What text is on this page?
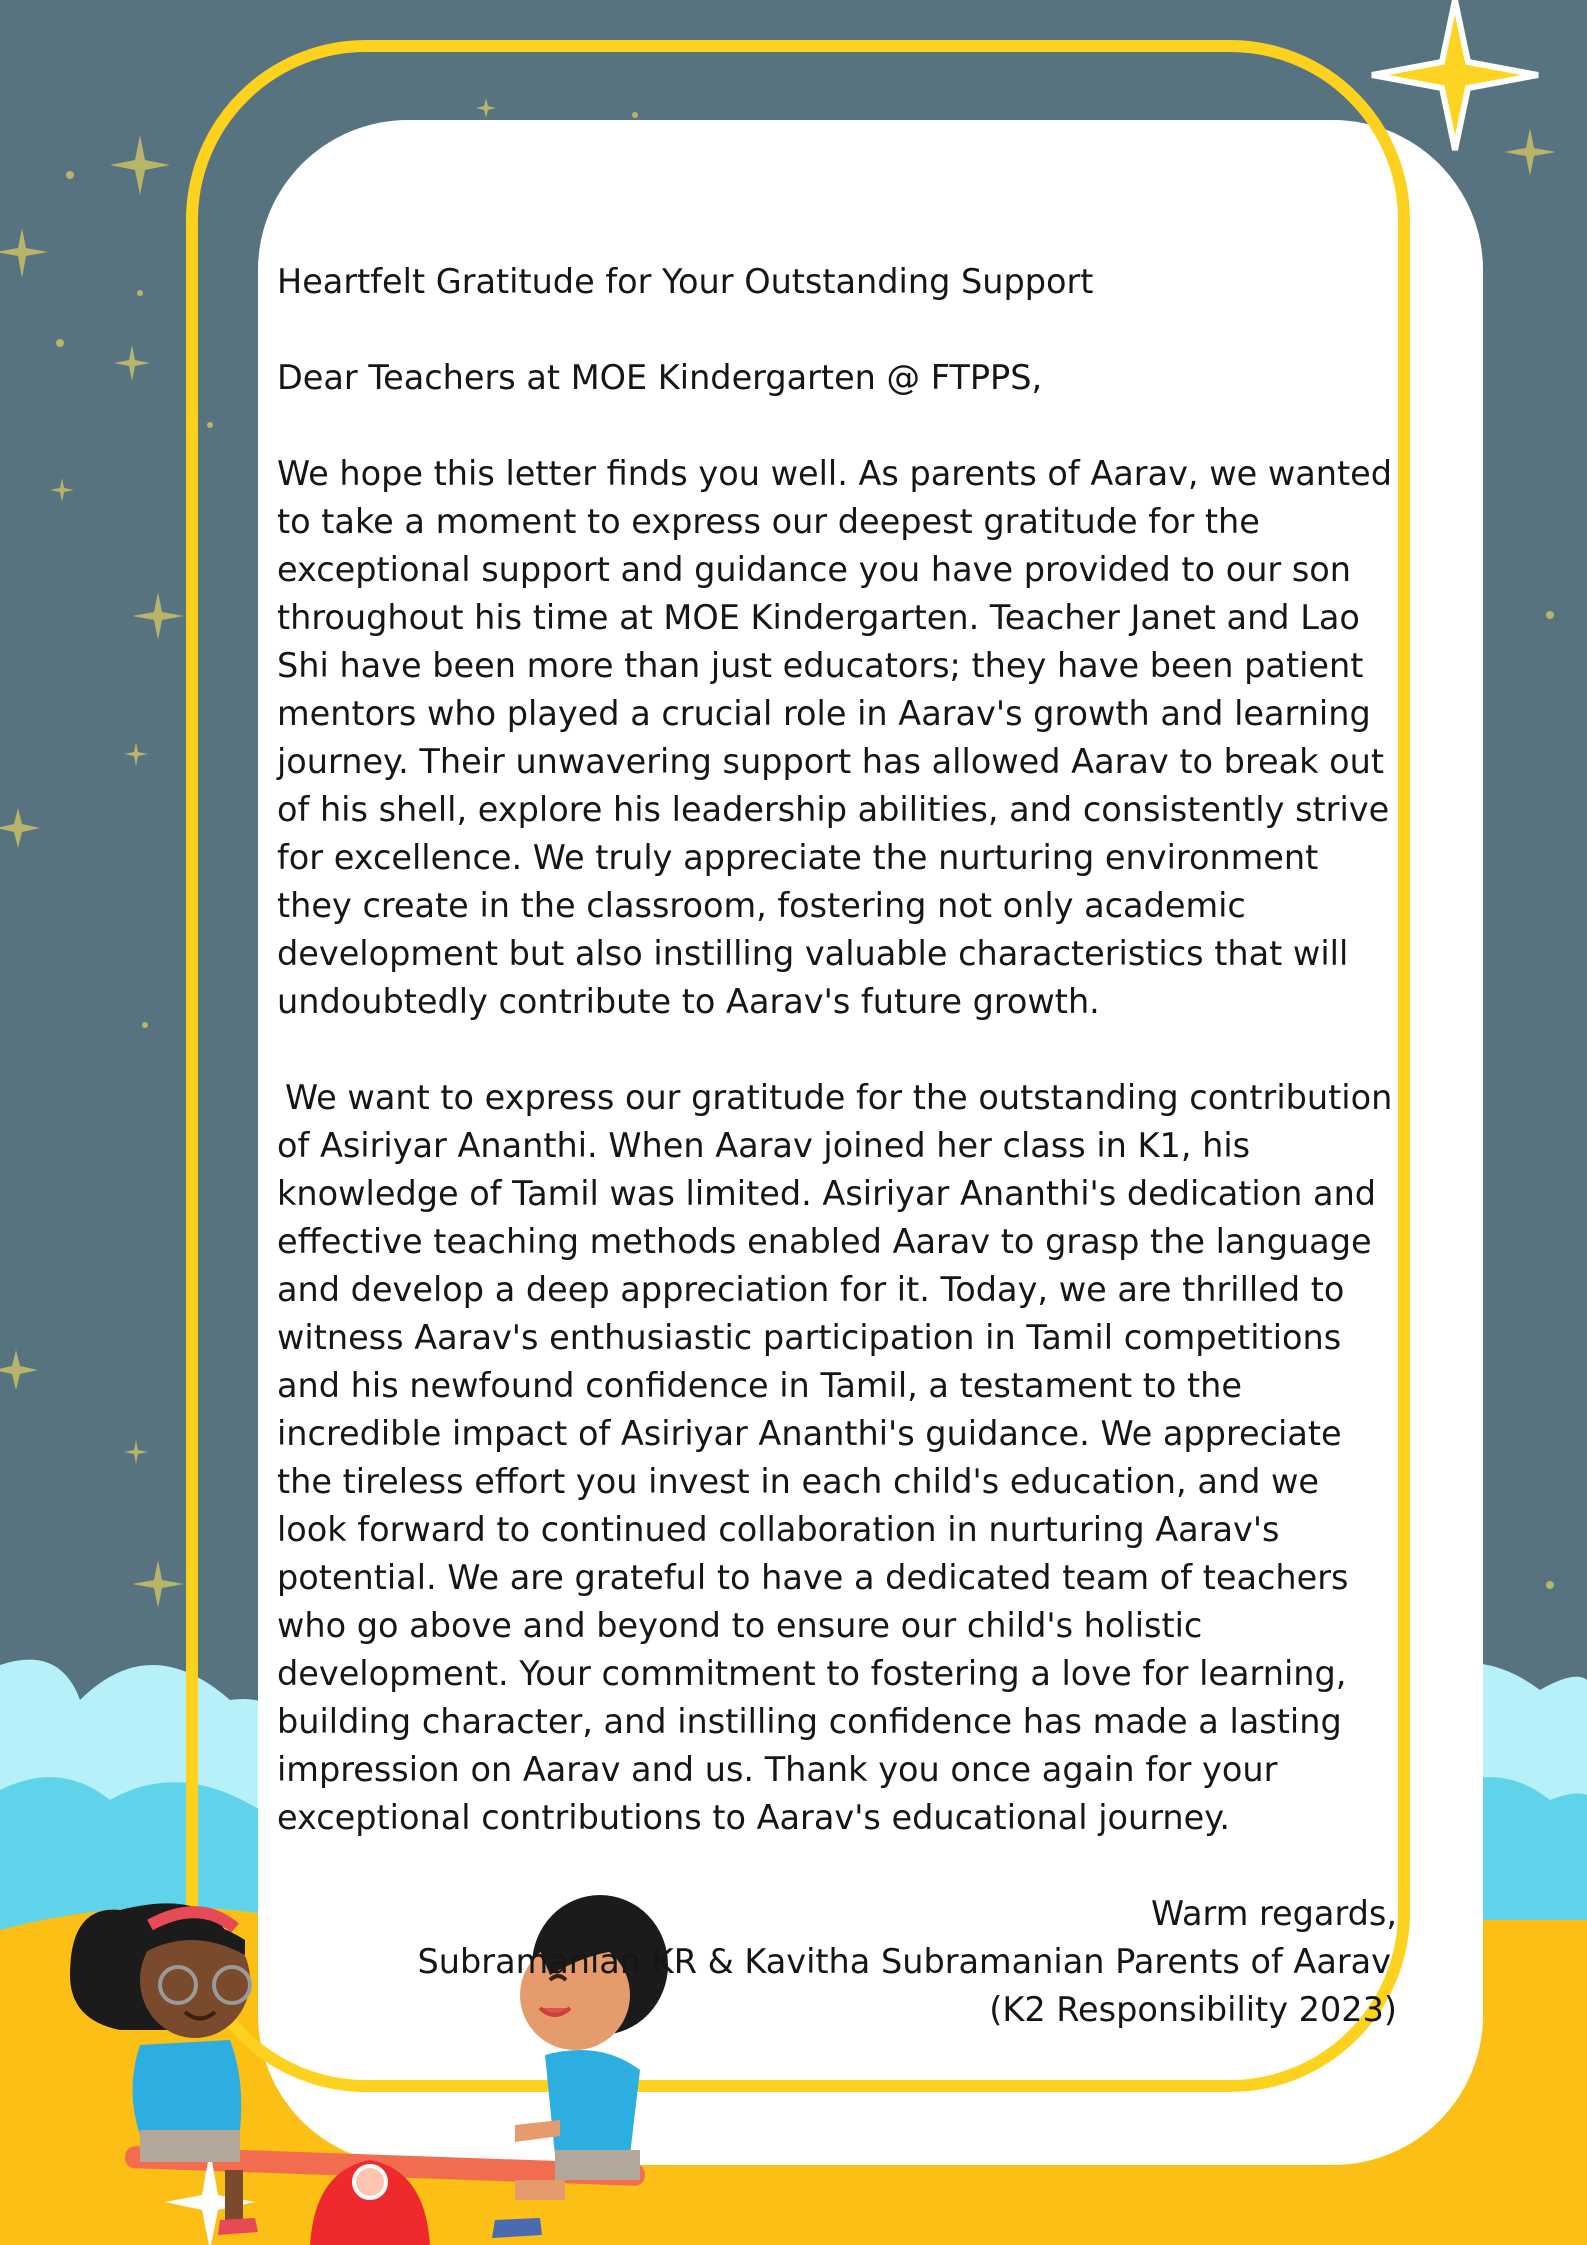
Heartfelt Gratitude for Your Outstanding Support

Dear Teachers at MOE Kindergarten @ FTPPS,

We hope this letter finds you well. As parents of Aarav, we wanted to take a moment to express our deepest gratitude for the exceptional support and guidance you have provided to our son throughout his time at MOE Kindergarten. Teacher Janet and Lao Shi have been more than just educators; they have been patient mentors who played a crucial role in Aarav's growth and learning journey. Their unwavering support has allowed Aarav to break out of his shell, explore his leadership abilities, and consistently strive for excellence. We truly appreciate the nurturing environment they create in the classroom, fostering not only academic development but also instilling valuable characteristics that will undoubtedly contribute to Aarav's future growth.

We want to express our gratitude for the outstanding contribution of Asiriyar Ananthi. When Aarav joined her class in K1, his knowledge of Tamil was limited. Asiriyar Ananthi's dedication and effective teaching methods enabled Aarav to grasp the language and develop a deep appreciation for it. Today, we are thrilled to witness Aarav's enthusiastic participation in Tamil competitions and his newfound confidence in Tamil, a testament to the incredible impact of Asiriyar Ananthi's guidance. We appreciate the tireless effort you invest in each child's education, and we look forward to continued collaboration in nurturing Aarav's potential. We are grateful to have a dedicated team of teachers who go above and beyond to ensure our child's holistic development. Your commitment to fostering a love for learning, building character, and instilling confidence has made a lasting impression on Aarav and us. Thank you once again for your exceptional contributions to Aarav's educational journey.

Warm regards,

Subramanian KR & Kavitha Subramanian Parents of Aarav

(K2 Responsibility 2023)
